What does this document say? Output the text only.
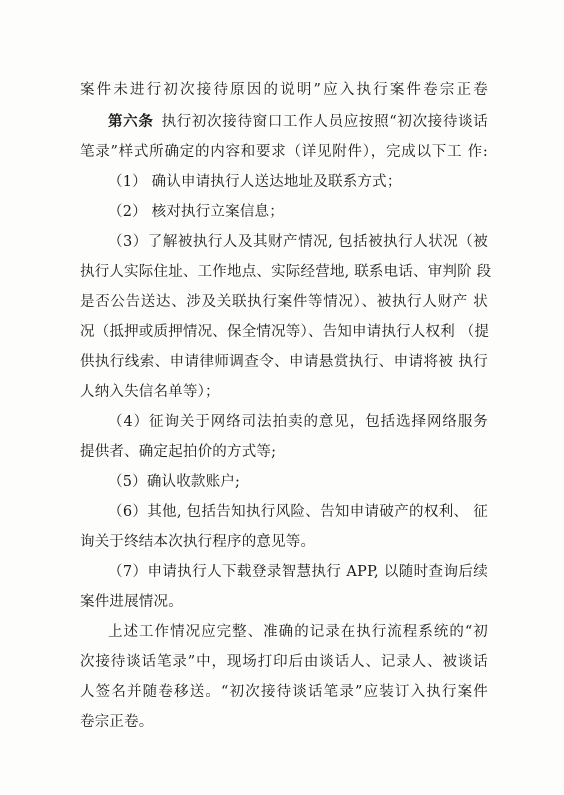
案件未进行初次接待原因的说明”应入执行案件卷宗正卷
第六条 执行初次接待窗口工作人员应按照“初次接待谈话
笔录”样式所确定的内容和要求（详见附件），完成以下工 作:
（1） 确认申请执行人送达地址及联系方式；
（2） 核对执行立案信息；
（3）了解被执行人及其财产情况, 包括被执行人状况（被
执行人实际住址、工作地点、实际经营地, 联系电话、审判阶 段
是否公告送达、涉及关联执行案件等情况）、被执行人财产 状
况（抵押或质押情况、保全情况等）、告知申请执行人权利 （提
供执行线索、申请律师调查令、申请悬赏执行、申请将被 执行
人纳入失信名单等）；
（4）征询关于网络司法拍卖的意见，包括选择网络服务
提供者、确定起拍价的方式等;
（5）确认收款账户;
（6）其他, 包括告知执行风险、告知申请破产的权利、 征
询关于终结本次执行程序的意见等。
（7）申请执行人下载登录智慧执行 APP, 以随时查询后续
案件进展情况。
上述工作情况应完整、准确的记录在执行流程系统的“初
次接待谈话笔录”中，现场打印后由谈话人、记录人、被谈话
人签名并随卷移送。“初次接待谈话笔录”应装订入执行案件
卷宗正卷。
